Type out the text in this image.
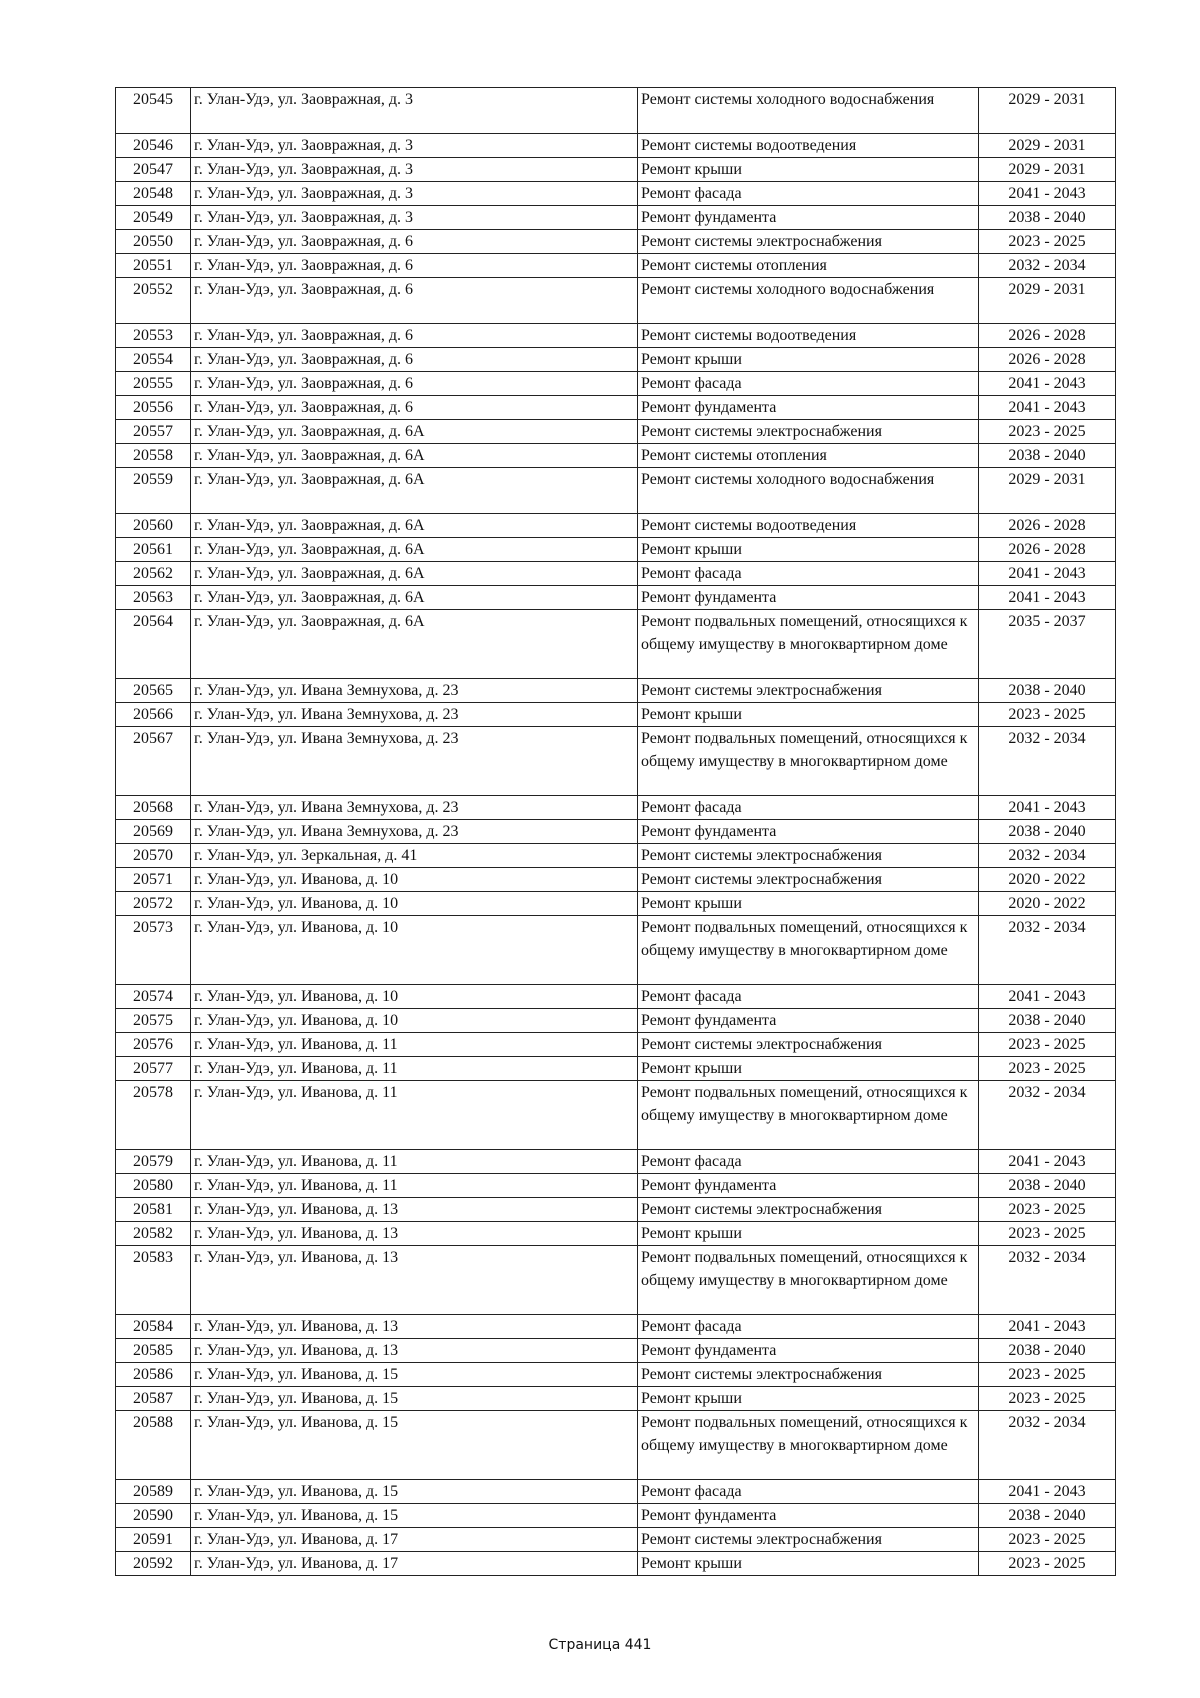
20545	г. Улан-Удэ, ул. Заовражная, д. 3	Ремонт системы холодного водоснабжения	2029 - 2031
20546	г. Улан-Удэ, ул. Заовражная, д. 3	Ремонт системы водоотведения	2029 - 2031
20547	г. Улан-Удэ, ул. Заовражная, д. 3	Ремонт крыши	2029 - 2031
20548	г. Улан-Удэ, ул. Заовражная, д. 3	Ремонт фасада	2041 - 2043
20549	г. Улан-Удэ, ул. Заовражная, д. 3	Ремонт фундамента	2038 - 2040
20550	г. Улан-Удэ, ул. Заовражная, д. 6	Ремонт системы электроснабжения	2023 - 2025
20551	г. Улан-Удэ, ул. Заовражная, д. 6	Ремонт системы отопления	2032 - 2034
20552	г. Улан-Удэ, ул. Заовражная, д. 6	Ремонт системы холодного водоснабжения	2029 - 2031
20553	г. Улан-Удэ, ул. Заовражная, д. 6	Ремонт системы водоотведения	2026 - 2028
20554	г. Улан-Удэ, ул. Заовражная, д. 6	Ремонт крыши	2026 - 2028
20555	г. Улан-Удэ, ул. Заовражная, д. 6	Ремонт фасада	2041 - 2043
20556	г. Улан-Удэ, ул. Заовражная, д. 6	Ремонт фундамента	2041 - 2043
20557	г. Улан-Удэ, ул. Заовражная, д. 6А	Ремонт системы электроснабжения	2023 - 2025
20558	г. Улан-Удэ, ул. Заовражная, д. 6А	Ремонт системы отопления	2038 - 2040
20559	г. Улан-Удэ, ул. Заовражная, д. 6А	Ремонт системы холодного водоснабжения	2029 - 2031
20560	г. Улан-Удэ, ул. Заовражная, д. 6А	Ремонт системы водоотведения	2026 - 2028
20561	г. Улан-Удэ, ул. Заовражная, д. 6А	Ремонт крыши	2026 - 2028
20562	г. Улан-Удэ, ул. Заовражная, д. 6А	Ремонт фасада	2041 - 2043
20563	г. Улан-Удэ, ул. Заовражная, д. 6А	Ремонт фундамента	2041 - 2043
20564	г. Улан-Удэ, ул. Заовражная, д. 6А	Ремонт подвальных помещений, относящихся к общему имуществу в многоквартирном доме	2035 - 2037
20565	г. Улан-Удэ, ул. Ивана Земнухова, д. 23	Ремонт системы электроснабжения	2038 - 2040
20566	г. Улан-Удэ, ул. Ивана Земнухова, д. 23	Ремонт крыши	2023 - 2025
20567	г. Улан-Удэ, ул. Ивана Земнухова, д. 23	Ремонт подвальных помещений, относящихся к общему имуществу в многоквартирном доме	2032 - 2034
20568	г. Улан-Удэ, ул. Ивана Земнухова, д. 23	Ремонт фасада	2041 - 2043
20569	г. Улан-Удэ, ул. Ивана Земнухова, д. 23	Ремонт фундамента	2038 - 2040
20570	г. Улан-Удэ, ул. Зеркальная, д. 41	Ремонт системы электроснабжения	2032 - 2034
20571	г. Улан-Удэ, ул. Иванова, д. 10	Ремонт системы электроснабжения	2020 - 2022
20572	г. Улан-Удэ, ул. Иванова, д. 10	Ремонт крыши	2020 - 2022
20573	г. Улан-Удэ, ул. Иванова, д. 10	Ремонт подвальных помещений, относящихся к общему имуществу в многоквартирном доме	2032 - 2034
20574	г. Улан-Удэ, ул. Иванова, д. 10	Ремонт фасада	2041 - 2043
20575	г. Улан-Удэ, ул. Иванова, д. 10	Ремонт фундамента	2038 - 2040
20576	г. Улан-Удэ, ул. Иванова, д. 11	Ремонт системы электроснабжения	2023 - 2025
20577	г. Улан-Удэ, ул. Иванова, д. 11	Ремонт крыши	2023 - 2025
20578	г. Улан-Удэ, ул. Иванова, д. 11	Ремонт подвальных помещений, относящихся к общему имуществу в многоквартирном доме	2032 - 2034
20579	г. Улан-Удэ, ул. Иванова, д. 11	Ремонт фасада	2041 - 2043
20580	г. Улан-Удэ, ул. Иванова, д. 11	Ремонт фундамента	2038 - 2040
20581	г. Улан-Удэ, ул. Иванова, д. 13	Ремонт системы электроснабжения	2023 - 2025
20582	г. Улан-Удэ, ул. Иванова, д. 13	Ремонт крыши	2023 - 2025
20583	г. Улан-Удэ, ул. Иванова, д. 13	Ремонт подвальных помещений, относящихся к общему имуществу в многоквартирном доме	2032 - 2034
20584	г. Улан-Удэ, ул. Иванова, д. 13	Ремонт фасада	2041 - 2043
20585	г. Улан-Удэ, ул. Иванова, д. 13	Ремонт фундамента	2038 - 2040
20586	г. Улан-Удэ, ул. Иванова, д. 15	Ремонт системы электроснабжения	2023 - 2025
20587	г. Улан-Удэ, ул. Иванова, д. 15	Ремонт крыши	2023 - 2025
20588	г. Улан-Удэ, ул. Иванова, д. 15	Ремонт подвальных помещений, относящихся к общему имуществу в многоквартирном доме	2032 - 2034
20589	г. Улан-Удэ, ул. Иванова, д. 15	Ремонт фасада	2041 - 2043
20590	г. Улан-Удэ, ул. Иванова, д. 15	Ремонт фундамента	2038 - 2040
20591	г. Улан-Удэ, ул. Иванова, д. 17	Ремонт системы электроснабжения	2023 - 2025
20592	г. Улан-Удэ, ул. Иванова, д. 17	Ремонт крыши	2023 - 2025
Страница 441
